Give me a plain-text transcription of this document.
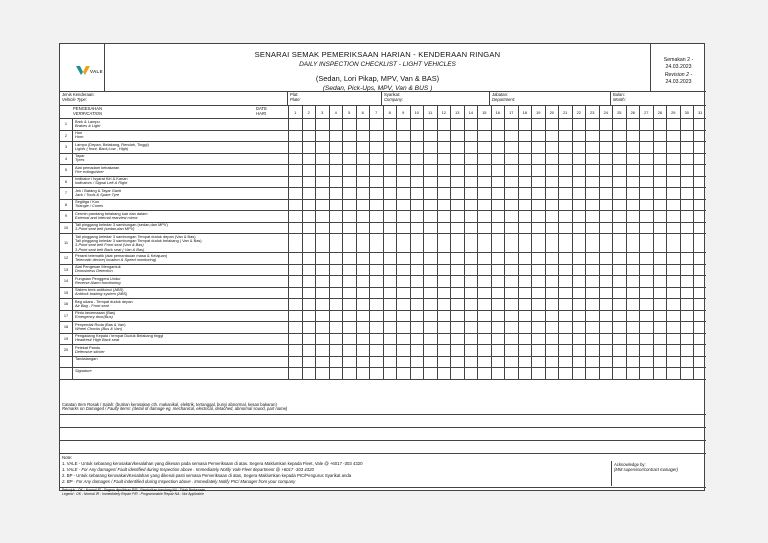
VALE
SENARAI SEMAK PEMERIKSAAN HARIAN - KENDERAAN RINGAN
DAILY INSPECTION CHECKLIST - LIGHT VEHICLES
(Sedan, Lori Pikap, MPV, Van & BAS)
(Sedan, Pick-Ups, MPV, Van & BUS )
Semakan 2 -
24.03.2023
Revision 2 -
24.03.2023
Jenis Kenderaan:
Vehicle Type:
Plat:
Plate:
Syarikat:
Company:
Jabatan:
Department:
Bulan:
Month:
PENGESAHAN
VERIFICATION
DATE
HARI	1	2	3	4	5	6	7	8	9	10	11	12	13	14	15	16	17	18	19	20	21	22	23	24	25	26	27	28	29	30	31
1	Brek & Lampu
Brakes & Light
2	Hon
Horn
3	Lampu (Depan, Belakang, Rendah, Tinggi)
Lights ( front, Back,Low , High)
4	Tayar
Tyres
5	Alat pemadam kebakaran
Fire extinguisher
6	Indikator / Isyarat Kiri & Kanan
Indicators / Signal Left & Right
7	Jek / Batang & Tayar Ganti
Jack / Tools & Spare Tyre
8	Segitiga / Kon
Triangle / Cones
9	Cermin pandang belakang luar dan dalam
External and internal rearview mirror
10	Tali pinggang keledar 3 sambungan (sedan,dan MPV)
3-Point seat belt (sedan,dan MPV)
11
Tali pinggang keledar 3 sambungan Tempat duduk depan (Van & Bas)
Tali pinggang keledar 3 sambungan Tempat duduk belakang ( Van & Bas)
3-Point seat belt Front seat (Van & Bas)
3-Point seat belt Back seat ( Van & Bas)
12	Peranti telematik (alat pemantauan masa & Kelajuan)
Telematic device( location & Speed monitoring)
13	Alat Pengesan Mengantuk
Drowsiness Detection
14	Fungsian Penggera Undur
Reverse Alarm functioning
15	Sistem brek antikunci (ABS)
Antilock braking system (ABS)
16	Beg udara - Tempat duduk depan
Air Bag - Front seat
17	Pintu kecemasan (Bas)
Emergency door(Bus)
18	Penyendal Roda (Bas & Van)
Wheel Chocks (Bus & Van)
19	Pengadang Kepala / tempat Duduk Belakang tinggi
Headrest/ High Back seat
20	Pelekat Pandu
Defensive sticker
Tandatangan
Signature
Catatan Item Rosak / Salah: (butiran kerosakan cth. makanikal, elektrik, tertanggal, bunyi abnormal, kesan bakaran)
Remarks on Damaged / Faulty items: (detail of damage eg. mechanical, electrical, detached, abnormal sound, part name)
Note:
1. VALE - Untuk sebarang kerosakan/kesalahan yang dikesan pada semasa Pemeriksaan di atas. Segera Maklumkan kepada Fleet, Vale @ +6017 -303 4320
1. VALE - For Any damages/ Fault identified during Inspection above . Immediately Notify Vale Fleet department @ +6017 -303 4320
2. BP - Untuk sebarang kerosakan/Kesalahan yang dikenal pasti semasa Pemeriksaan di atas, Segera Maklumkan kepada PIC/Pengurus Syarikat anda
2. BP - For Any damages / Fault indentified during Inspection above . Immediately Notify PIC/ Manager from your company
Acknowledge by:
(MM supervisor/contract manager)
Petunjuk : OK : Normal /R : Segera dipulihkan P/R : Pembaikan berulang NA : Tidak Berkenaan
Legend : OK : Normal IR : Immediately Repair P/R : Programmable Repair NA : Not Applicable
